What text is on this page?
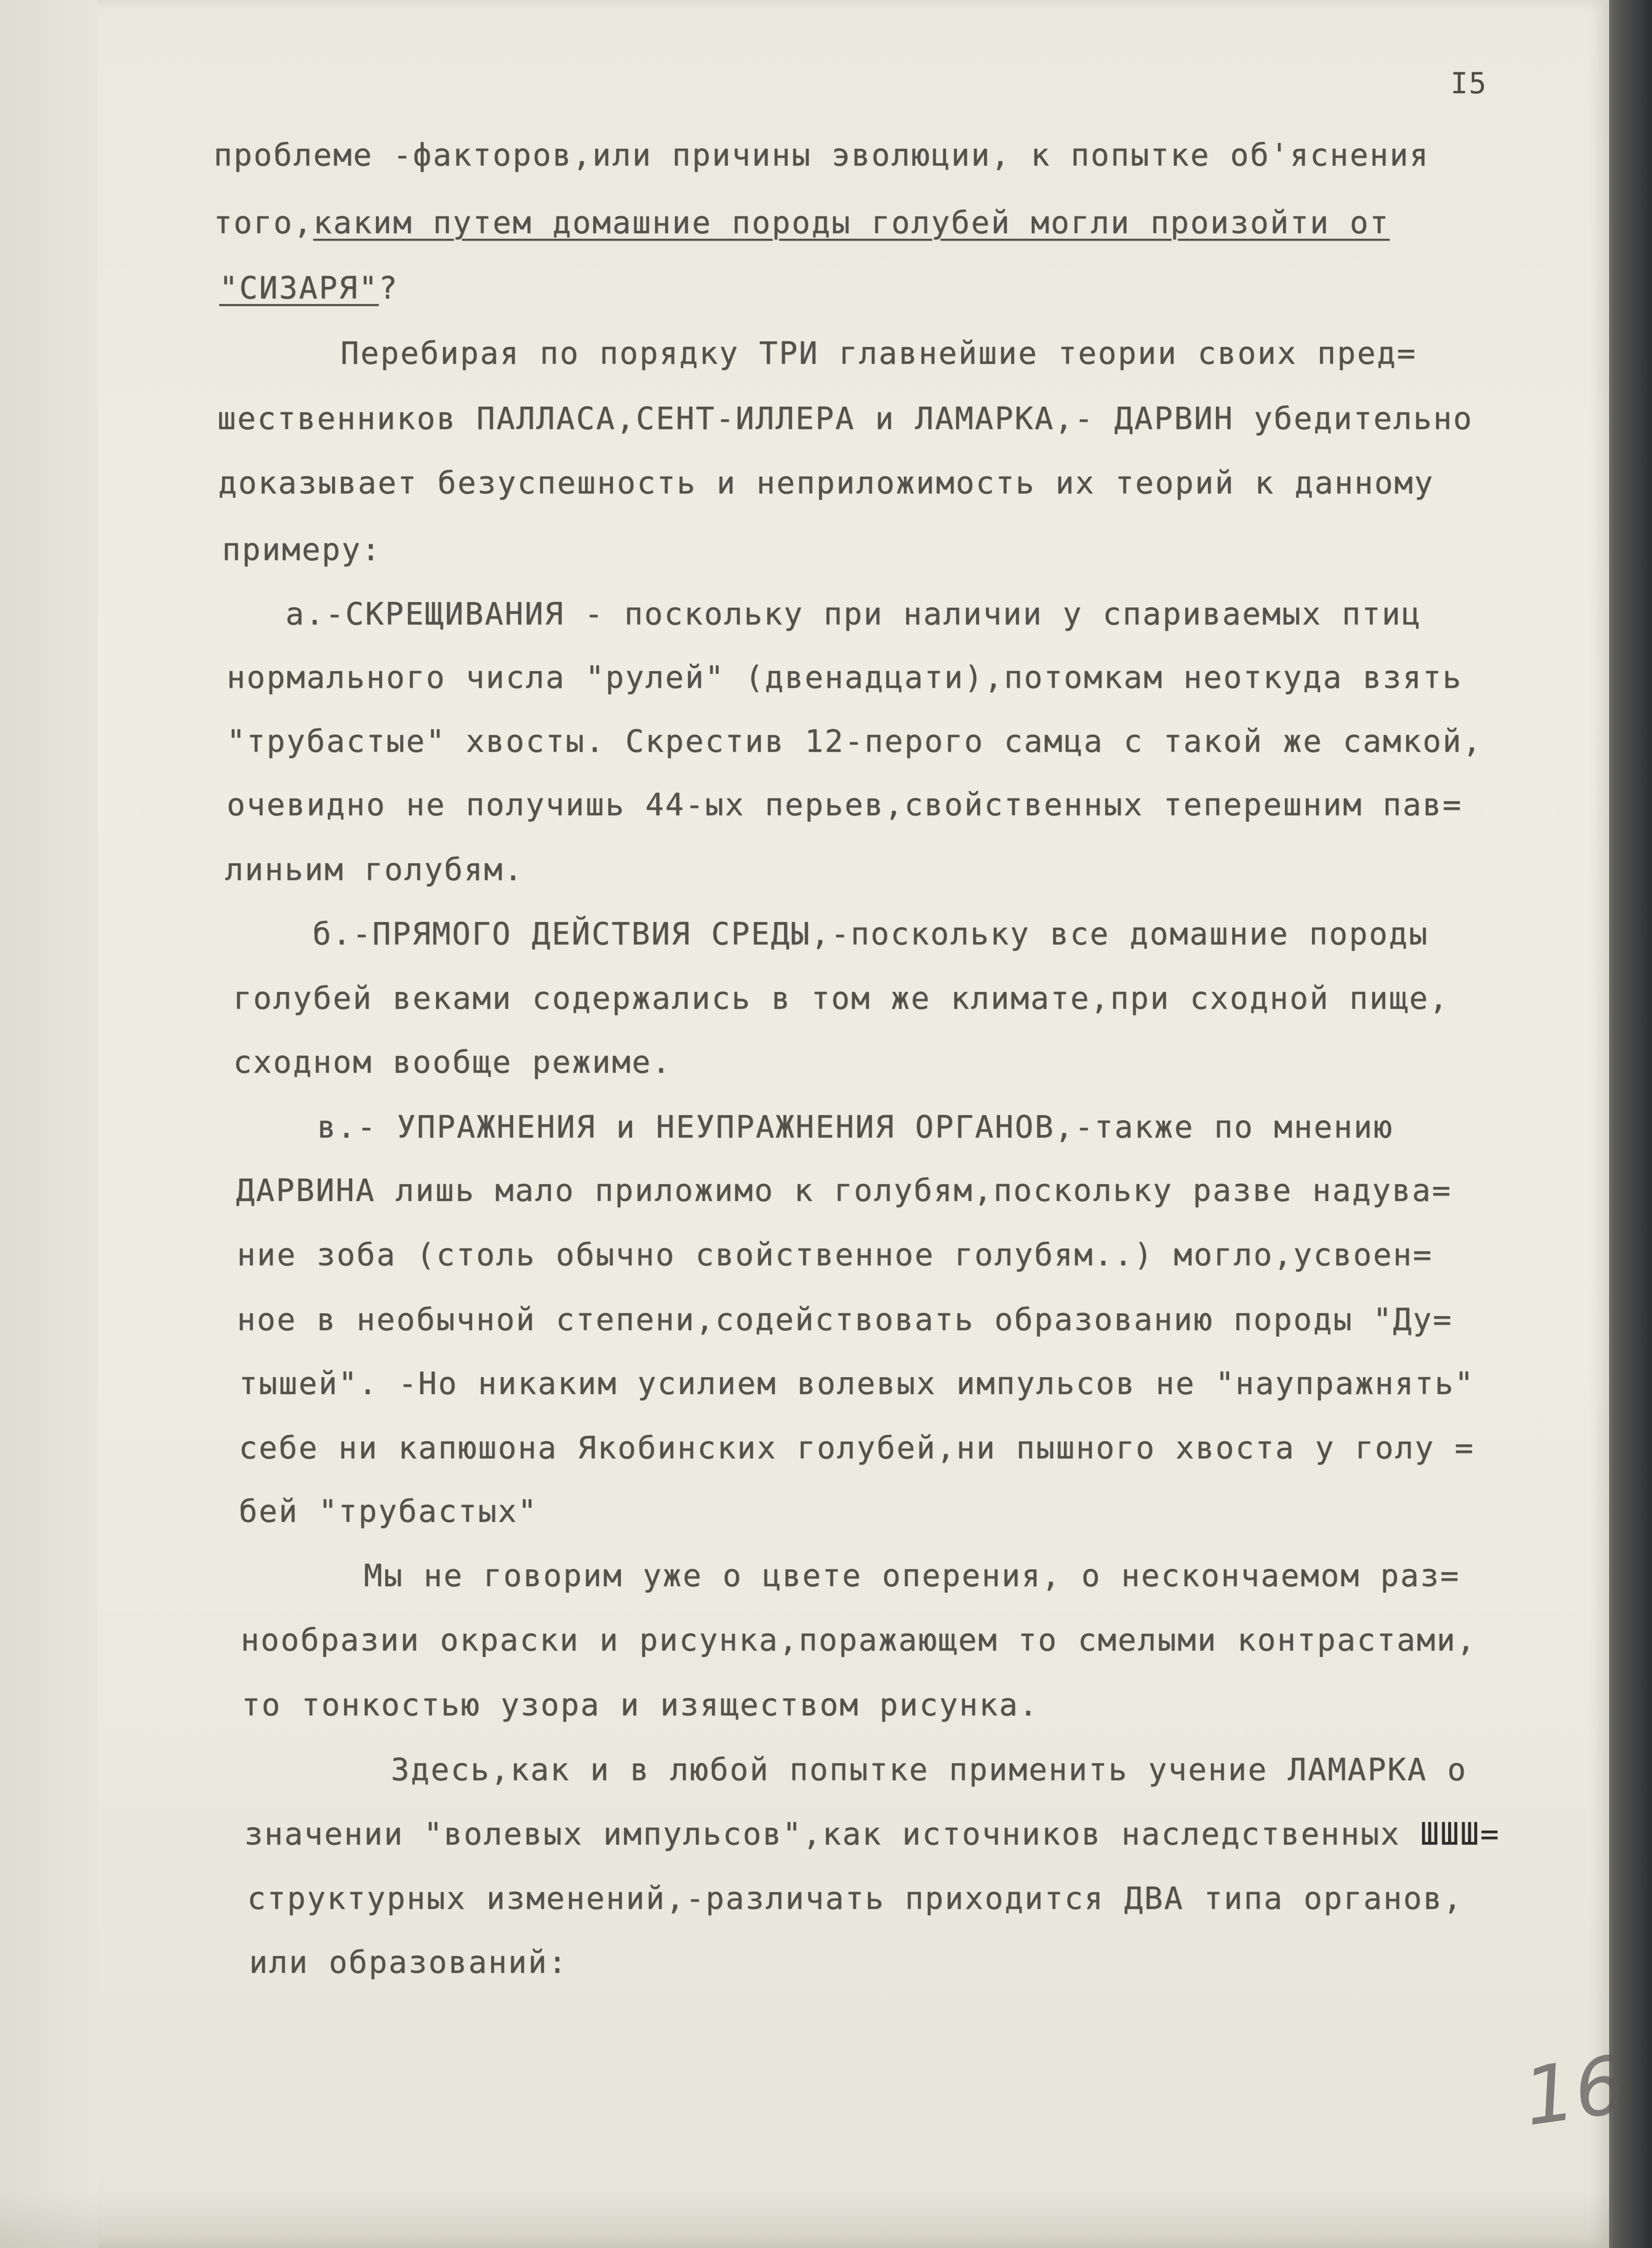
I5

проблеме -факторов,или причины эволюции, к попытке об'яснения

того,каким путем домашние породы голубей могли произойти от

"СИЗАРЯ"?

Перебирая по порядку ТРИ главнейшие теории своих пред=

шественников ПАЛЛАСА,СЕНТ-ИЛЛЕРА и ЛАМАРКА,- ДАРВИН убедительно

доказывает безуспешность и неприложимость их теорий к данному

примеру:

а.-СКРЕЩИВАНИЯ - поскольку при наличии у спариваемых птиц

нормального числа "рулей" (двенадцати),потомкам неоткуда взять

"трубастые" хвосты. Скрестив 12-перого самца с такой же самкой,

очевидно не получишь 44-ых перьев,свойственных теперешним пав=

линьим голубям.

б.-ПРЯМОГО ДЕЙСТВИЯ СРЕДЫ,-поскольку все домашние породы

голубей веками содержались в том же климате,при сходной пище,

сходном вообще режиме.

в.- УПРАЖНЕНИЯ и НЕУПРАЖНЕНИЯ ОРГАНОВ,-также по мнению

ДАРВИНА лишь мало приложимо к голубям,поскольку разве надува=

ние зоба (столь обычно свойственное голубям..) могло,усвоен=

ное в необычной степени,содействовать образованию породы "Ду=

тышей". -Но никаким усилием волевых импульсов не "наупражнять"

себе ни капюшона Якобинских голубей,ни пышного хвоста у голу =

бей "трубастых"

Мы не говорим уже о цвете оперения, о нескончаемом раз=

нообразии окраски и рисунка,поражающем то смелыми контрастами,

то тонкостью узора и изяществом рисунка.

Здесь,как и в любой попытке применить учение ЛАМАРКА о

значении "волевых импульсов",как источников наследственных ШШШ=

структурных изменений,-различать приходится ДВА типа органов,

или образований:

16
